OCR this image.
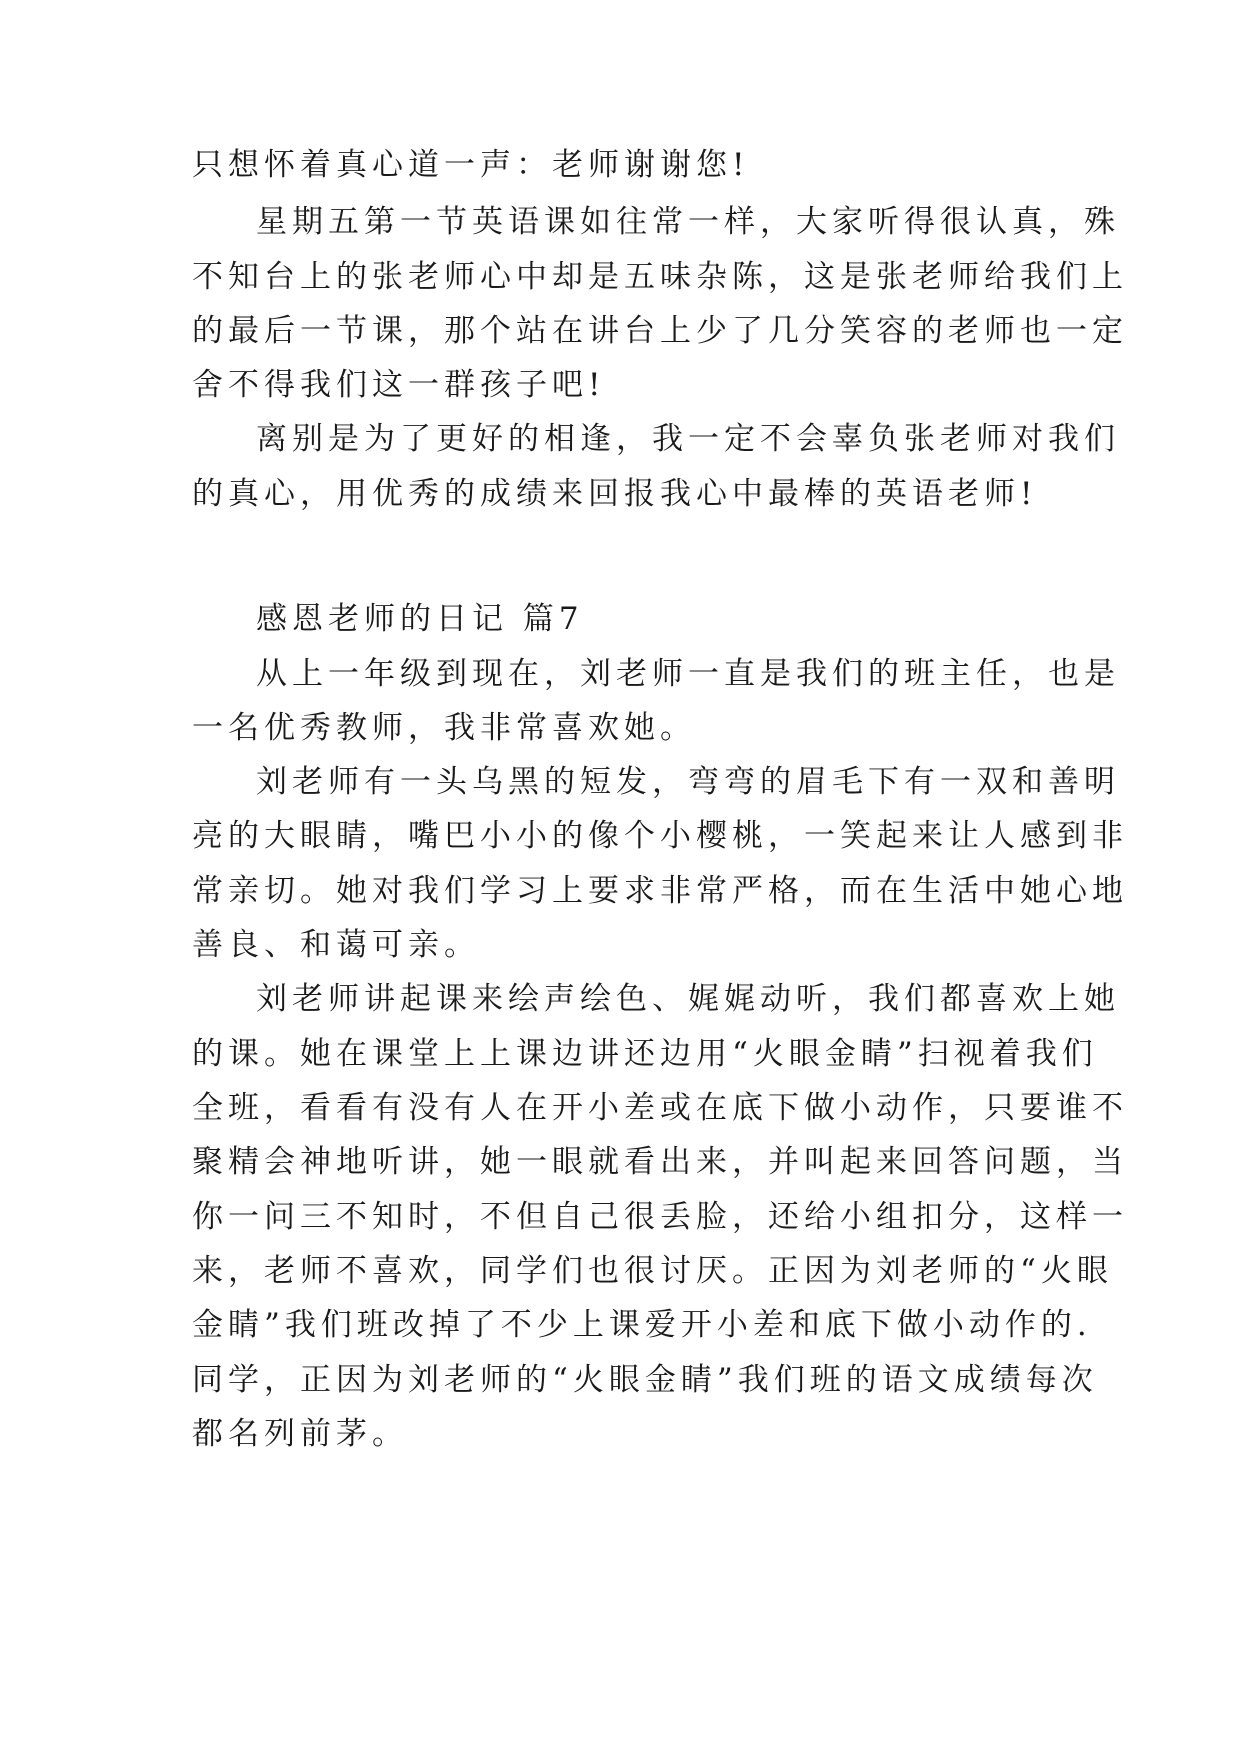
只想怀着真心道一声：老师谢谢您!
星期五第一节英语课如往常一样，大家听得很认真，殊
不知台上的张老师心中却是五味杂陈，这是张老师给我们上
的最后一节课，那个站在讲台上少了几分笑容的老师也一定
舍不得我们这一群孩子吧!
离别是为了更好的相逢，我一定不会辜负张老师对我们
的真心，用优秀的成绩来回报我心中最棒的英语老师!
感恩老师的日记 篇7
从上一年级到现在，刘老师一直是我们的班主任，也是
一名优秀教师，我非常喜欢她。
刘老师有一头乌黑的短发，弯弯的眉毛下有一双和善明
亮的大眼睛，嘴巴小小的像个小樱桃，一笑起来让人感到非
常亲切。她对我们学习上要求非常严格，而在生活中她心地
善良、和蔼可亲。
刘老师讲起课来绘声绘色、娓娓动听，我们都喜欢上她
的课。她在课堂上上课边讲还边用“火眼金睛”扫视着我们
全班，看看有没有人在开小差或在底下做小动作，只要谁不
聚精会神地听讲，她一眼就看出来，并叫起来回答问题，当
你一问三不知时，不但自己很丢脸，还给小组扣分，这样一
来，老师不喜欢，同学们也很讨厌。正因为刘老师的“火眼
金睛”我们班改掉了不少上课爱开小差和底下做小动作的.
同学，正因为刘老师的“火眼金睛”我们班的语文成绩每次
都名列前茅。
